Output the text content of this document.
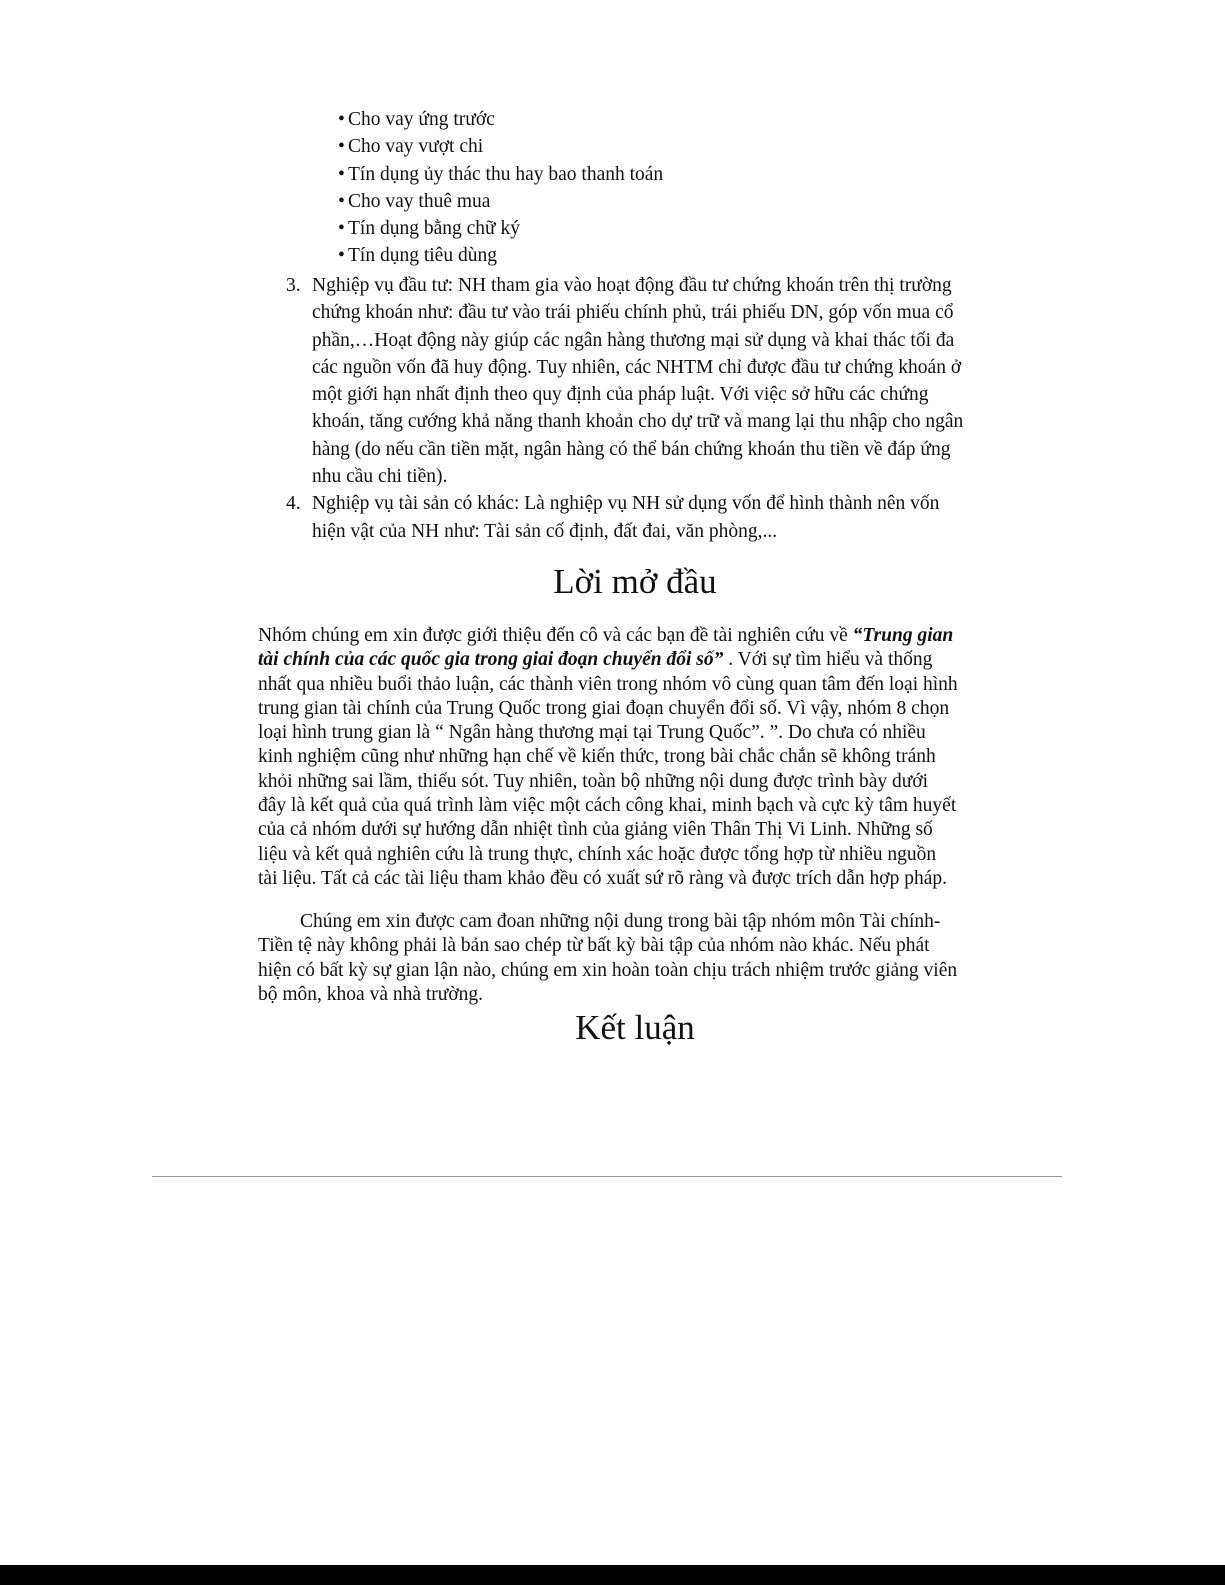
• Cho vay ứng trước
• Cho vay vượt chi
• Tín dụng ủy thác thu hay bao thanh toán
• Cho vay thuê mua
• Tín dụng bằng chữ ký
• Tín dụng tiêu dùng
3. Nghiệp vụ đầu tư: NH tham gia vào hoạt động đầu tư chứng khoán trên thị trường chứng khoán như: đầu tư vào trái phiếu chính phủ, trái phiếu DN, góp vốn mua cổ phần,…Hoạt động này giúp các ngân hàng thương mại sử dụng và khai thác tối đa các nguồn vốn đã huy động. Tuy nhiên, các NHTM chỉ được đầu tư chứng khoán ở một giới hạn nhất định theo quy định của pháp luật. Với việc sở hữu các chứng khoán, tăng cướng khả năng thanh khoản cho dự trữ và mang lại thu nhập cho ngân hàng (do nếu cần tiền mặt, ngân hàng có thể bán chứng khoán thu tiền về đáp ứng nhu cầu chi tiền).
4. Nghiệp vụ tài sản có khác: Là nghiệp vụ NH sử dụng vốn để hình thành nên vốn hiện vật của NH như: Tài sản cố định, đất đai, văn phòng,...
Lời mở đầu

Nhóm chúng em xin được giới thiệu đến cô và các bạn đề tài nghiên cứu về “Trung gian tài chính của các quốc gia trong giai đoạn chuyển đổi số” . Với sự tìm hiểu và thống nhất qua nhiều buổi thảo luận, các thành viên trong nhóm vô cùng quan tâm đến loại hình trung gian tài chính của Trung Quốc trong giai đoạn chuyển đổi số. Vì vậy, nhóm 8 chọn loại hình trung gian là “ Ngân hàng thương mại tại Trung Quốc”. ”. Do chưa có nhiều kinh nghiệm cũng như những hạn chế về kiến thức, trong bài chắc chắn sẽ không tránh khỏi những sai lầm, thiếu sót. Tuy nhiên, toàn bộ những nội dung được trình bày dưới đây là kết quả của quá trình làm việc một cách công khai, minh bạch và cực kỳ tâm huyết của cả nhóm dưới sự hướng dẫn nhiệt tình của giảng viên Thân Thị Vi Linh. Những số liệu và kết quả nghiên cứu là trung thực, chính xác hoặc được tổng hợp từ nhiều nguồn tài liệu. Tất cả các tài liệu tham khảo đều có xuất sứ rõ ràng và được trích dẫn hợp pháp.

Chúng em xin được cam đoan những nội dung trong bài tập nhóm môn Tài chính-Tiền tệ này không phải là bản sao chép từ bất kỳ bài tập của nhóm nào khác. Nếu phát hiện có bất kỳ sự gian lận nào, chúng em xin hoàn toàn chịu trách nhiệm trước giảng viên bộ môn, khoa và nhà trường.

Kết luận
